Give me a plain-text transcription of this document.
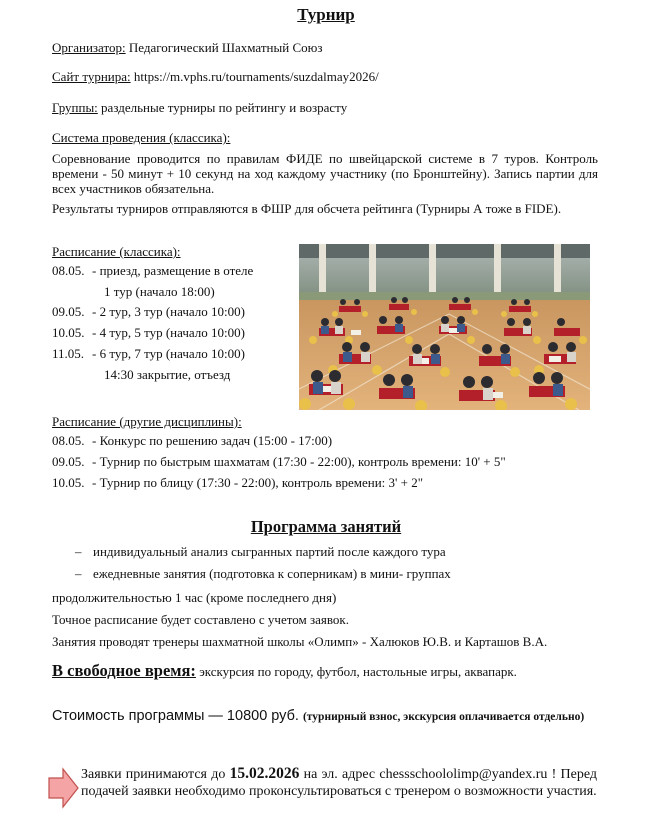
Турнир
Организатор: Педагогический Шахматный Союз
Сайт турнира: https://m.vphs.ru/tournaments/suzdalmay2026/
Группы: раздельные турниры по рейтингу и возрасту
Система проведения (классика):
Соревнование проводится по правилам ФИДЕ по швейцарской системе в 7 туров. Контроль времени - 50 минут + 10 секунд на ход каждому участнику (по Бронштейну). Запись партии для всех участников обязательна.
Результаты турниров отправляются в ФШР для обсчета рейтинга (Турниры А тоже в FIDE).
Расписание (классика):
08.05. - приезд, размещение в отеле
1 тур (начало 18:00)
09.05. - 2 тур, 3 тур (начало 10:00)
10.05. - 4 тур, 5 тур (начало 10:00)
11.05. - 6 тур, 7 тур (начало 10:00)
14:30 закрытие, отъезд
Расписание (другие дисциплины):
08.05. - Конкурс по решению задач (15:00 - 17:00)
09.05. - Турнир по быстрым шахматам (17:30 - 22:00), контроль времени: 10' + 5"
10.05. - Турнир по блицу (17:30 - 22:00), контроль времени: 3' + 2"
Программа занятий
– индивидуальный анализ сыгранных партий после каждого тура
– ежедневные занятия (подготовка к соперникам) в мини- группах
продолжительностью 1 час (кроме последнего дня)
Точное расписание будет составлено с учетом заявок.
Занятия проводят тренеры шахматной школы «Олимп» - Халюков Ю.В. и Карташов В.А.
В свободное время: экскурсия по городу, футбол, настольные игры, аквапарк.
Стоимость программы — 10800 руб. (турнирный взнос, экскурсия оплачивается отдельно)
Заявки принимаются до 15.02.2026 на эл. адрес chessschoololimp@yandex.ru ! Перед подачей заявки необходимо проконсультироваться с тренером о возможности участия.
